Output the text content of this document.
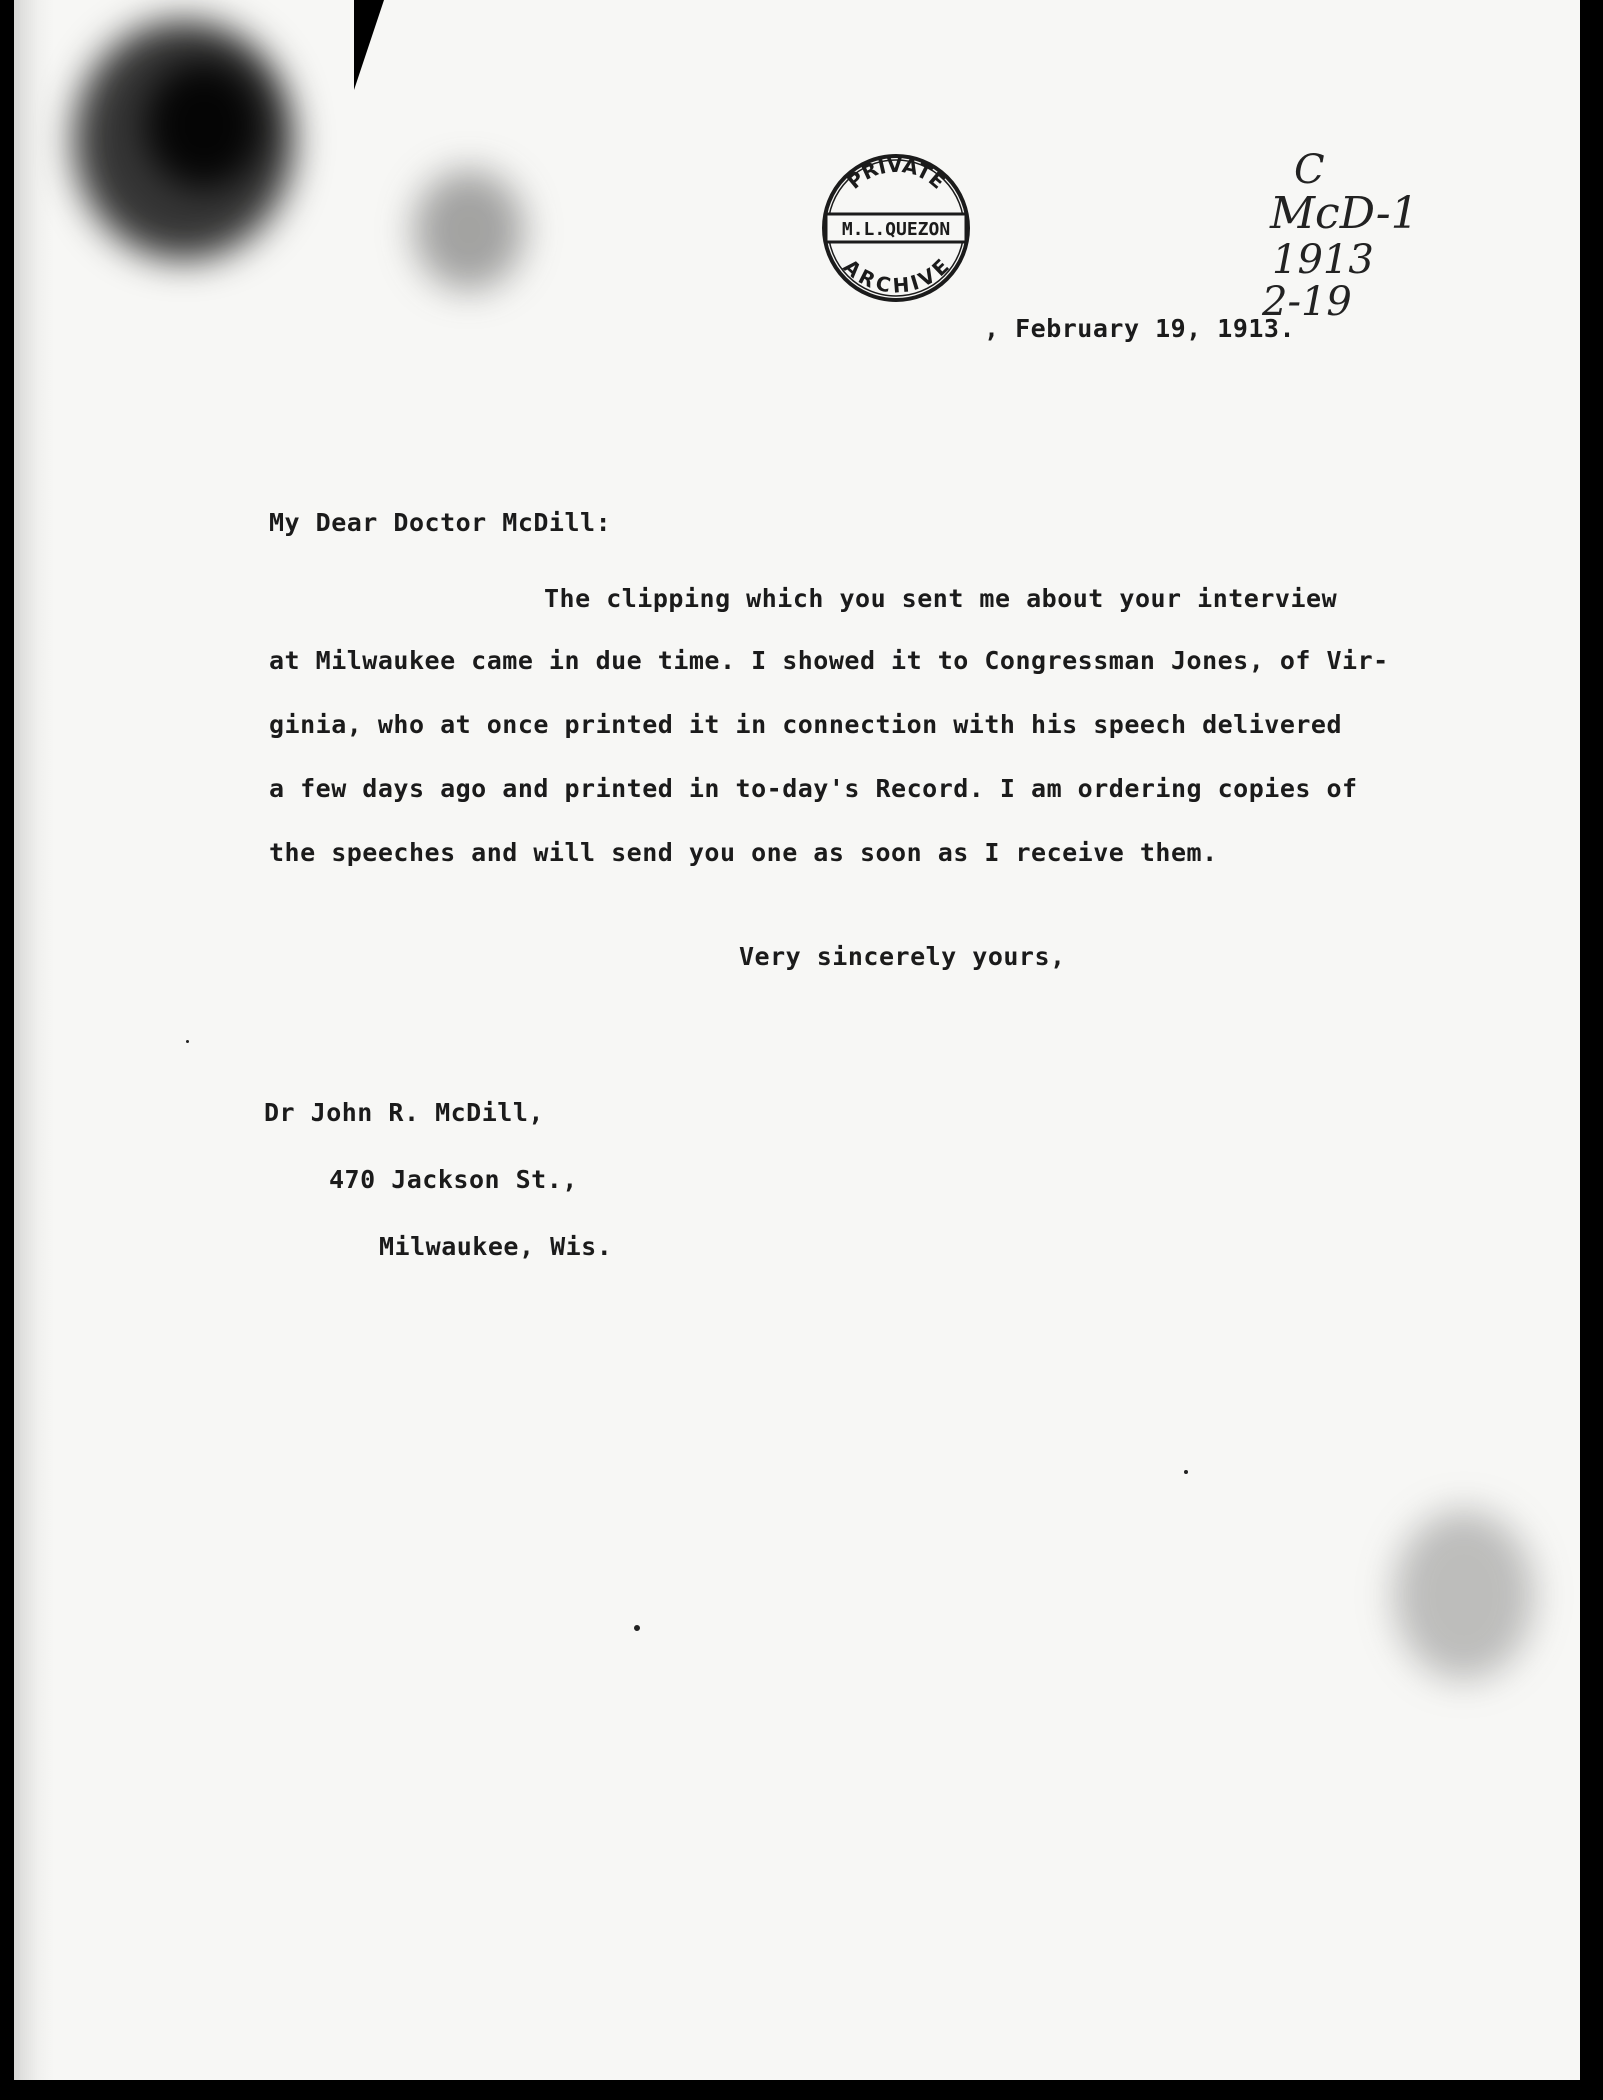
PRIVATE
M.L.QUEZON
ARCHIVE
C
McD-1
1913
2-19
, February 19, 1913.
My Dear Doctor McDill:
The clipping which you sent me about your interview
at Milwaukee came in due time. I showed it to Congressman Jones, of Vir-
ginia, who at once printed it in connection with his speech delivered
a few days ago and printed in to-day's Record. I am ordering copies of
the speeches and will send you one as soon as I receive them.
Very sincerely yours,
Dr John R. McDill,
470 Jackson St.,
Milwaukee, Wis.
